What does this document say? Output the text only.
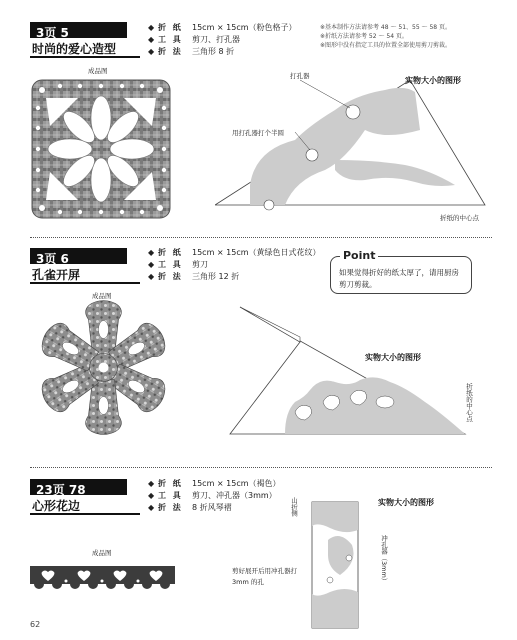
3页 5
时尚的爱心造型
◆ 折 纸 15cm × 15cm（粉色格子）
◆ 工 具 剪刀、打孔器
◆ 折 法 三角形 8 折
※基本制作方法请参考 48 ～ 51、55 ～ 58 页。
※折纸方法请参考 52 ～ 54 页。
※图形中没有指定工具的位置全部使用剪刀剪裁。
成品图
打孔器	实物大小的图形
用打孔器打个半圆
折纸的中心点
3页 6
孔雀开屏
◆ 折 纸 15cm × 15cm（黄绿色日式花纹）
◆ 工 具 剪刀
◆ 折 法 三角形 12 折	如果觉得折好的纸太厚了，请用厨房剪刀剪裁。
Point
成品图
实物大小的图形
折纸的中心点
23页 78
心形花边
◆ 折 纸 15cm × 15cm（褐色）
◆ 工 具 剪刀、冲孔器（3mm）
◆ 折 法 8 折风琴褶
成品图
山折侧	实物大小的图形
冲孔器（3mm）
剪好展开后用冲孔器打 3mm 的孔
62
